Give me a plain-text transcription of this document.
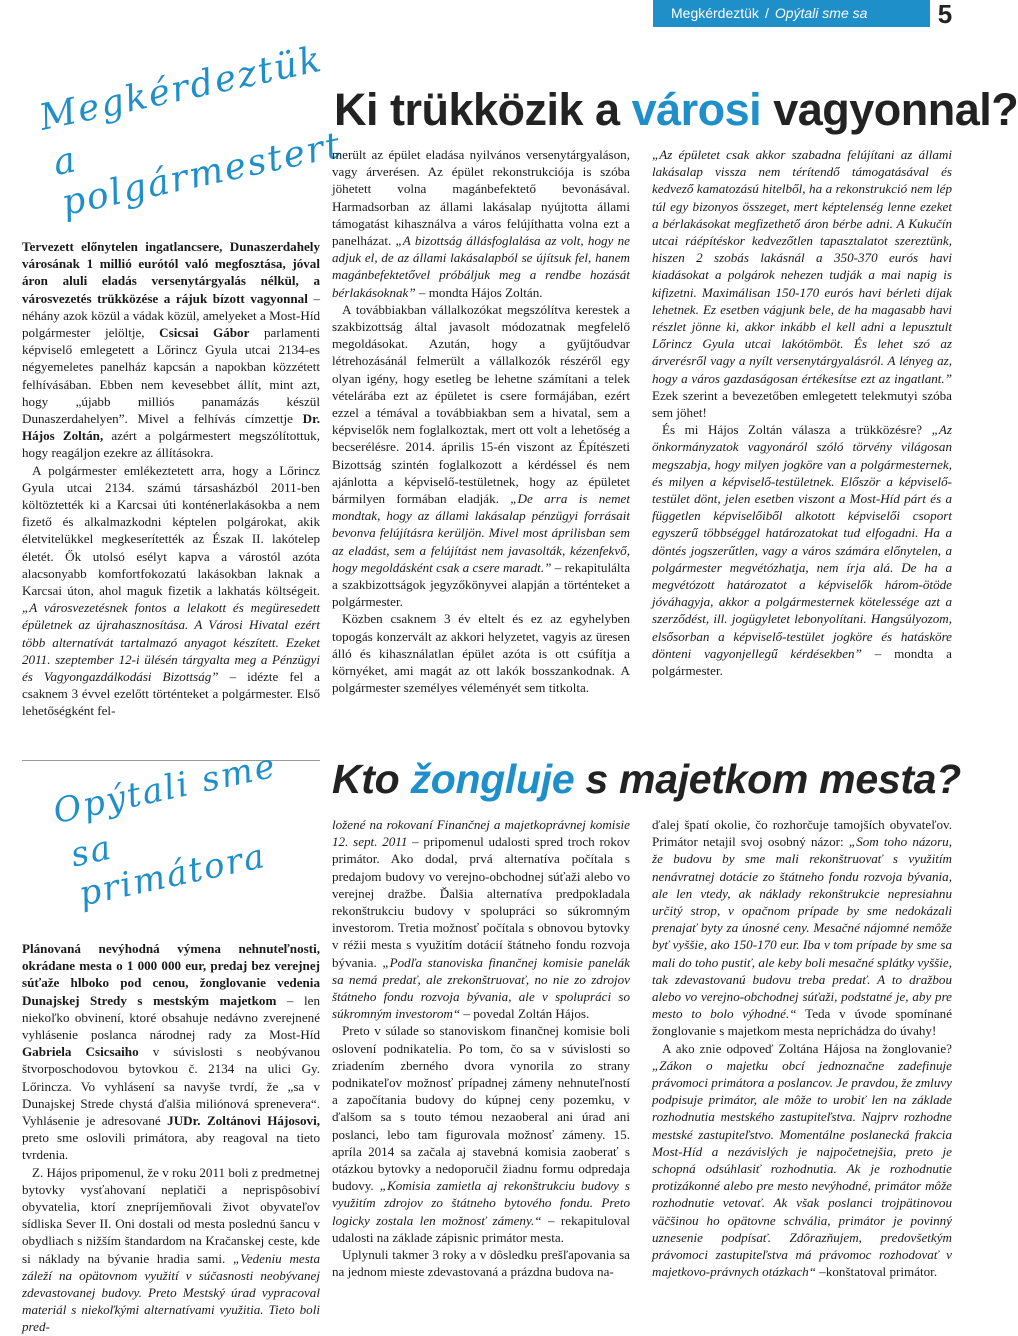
Megkérdeztük / Opýtali sme sa	5
Megkérdeztük
a polgármestert
Ki trükközik a városi vagyonnal?

Tervezett előnytelen ingatlancsere, Dunaszerdahely városának 1 millió eurótól való megfosztása, jóval áron aluli eladás versenytárgyalás nélkül, a városvezetés trükközése a rájuk bízott vagyonnal – néhány azok közül a vádak közül, amelyeket a Most-Híd polgármester jelöltje, Csicsai Gábor parlamenti képviselő emlegetett a Lőrincz Gyula utcai 2134-es négyemeletes panelház kapcsán a napokban közzétett felhívásában. Ebben nem kevesebbet állít, mint azt, hogy „újabb milliós panamázás készül Dunaszerdahelyen”. Mivel a felhívás címzettje Dr. Hájos Zoltán, azért a polgármestert megszólítottuk, hogy reagáljon ezekre az állításokra.

A polgármester emlékeztetett arra, hogy a Lőrincz Gyula utcai 2134. számú társasházból 2011-ben költöztették ki a Karcsai úti konténerlakásokba a nem fizető és alkalmazkodni képtelen polgárokat, akik életvitelükkel megkeserítették az Észak II. lakótelep életét. Ők utolsó esélyt kapva a várostól azóta alacsonyabb komfortfokozatú lakásokban laknak a Karcsai úton, ahol maguk fizetik a lakhatás költségeit. „A városvezetésnek fontos a lelakott és megüresedett épületnek az újrahasznosítása. A Városi Hivatal ezért több alternatívát tartalmazó anyagot készített. Ezeket 2011. szeptember 12-i ülésén tárgyalta meg a Pénzügyi és Vagyongazdálkodási Bizottság” – idézte fel a csaknem 3 évvel ezelőtt történteket a polgármester. Első lehetőségként fel-

merült az épület eladása nyilvános versenytárgyaláson, vagy árverésen. Az épület rekonstrukciója is szóba jöhetett volna magánbefektető bevonásával. Harmadsorban az állami lakásalap nyújtotta állami támogatást kihasználva a város felújíthatta volna ezt a panelházat. „A bizottság állásfoglalása az volt, hogy ne adjuk el, de az állami lakásalapból se újítsuk fel, hanem magánbefektetővel próbáljuk meg a rendbe hozását bérlakásoknak” – mondta Hájos Zoltán.

A továbbiakban vállalkozókat megszólítva kerestek a szakbizottság által javasolt módozatnak megfelelő megoldásokat. Azután, hogy a gyűjtőudvar létrehozásánál felmerült a vállalkozók részéről egy olyan igény, hogy esetleg be lehetne számítani a telek vételárába ezt az épületet is csere formájában, ezért ezzel a témával a továbbiakban sem a hivatal, sem a képviselők nem foglalkoztak, mert ott volt a lehetőség a becserélésre. 2014. április 15-én viszont az Építészeti Bizottság szintén foglalkozott a kérdéssel és nem ajánlotta a képviselő-testületnek, hogy az épületet bármilyen formában eladják. „De arra is nemet mondtak, hogy az állami lakásalap pénzügyi forrásait bevonva felújításra kerüljön. Mivel most áprilisban sem az eladást, sem a felújítást nem javasolták, kézenfekvő, hogy megoldásként csak a csere maradt.” – rekapitulálta a szakbizottságok jegyzőkönyvei alapján a történteket a polgármester.

Közben csaknem 3 év eltelt és ez az egyhelyben topogás konzervált az akkori helyzetet, vagyis az üresen álló és kihasználatlan épület azóta is ott csúfítja a környéket, ami magát az ott lakók bosszankodnak. A polgármester személyes véleményét sem titkolta.

„Az épületet csak akkor szabadna felújítani az állami lakásalap vissza nem térítendő támogatásával és kedvező kamatozású hitelből, ha a rekonstrukció nem lép túl egy bizonyos összeget, mert képtelenség lenne ezeket a bérlakásokat megfizethető áron bérbe adni. A Kukučín utcai ráépítéskor kedvezőtlen tapasztalatot szereztünk, hiszen 2 szobás lakásnál a 350-370 eurós havi kiadásokat a polgárok nehezen tudják a mai napig is kifizetni. Maximálisan 150-170 eurós havi bérleti díjak lehetnek. Ez esetben vágjunk bele, de ha magasabb havi részlet jönne ki, akkor inkább el kell adni a lepusztult Lőrincz Gyula utcai lakótömböt. És lehet szó az árverésről vagy a nyílt versenytárgyalásról. A lényeg az, hogy a város gazdaságosan értékesítse ezt az ingatlant.” Ezek szerint a bevezetőben emlegetett telekmutyi szóba sem jöhet!

És mi Hájos Zoltán válasza a trükközésre? „Az önkormányzatok vagyonáról szóló törvény világosan megszabja, hogy milyen jogköre van a polgármesternek, és milyen a képviselő-testületnek. Először a képviselő-testület dönt, jelen esetben viszont a Most-Híd párt és a független képviselőiből alkotott képviselői csoport egyszerű többséggel határozatokat tud elfogadni. Ha a döntés jogszerűtlen, vagy a város számára előnytelen, a polgármester megvétózhatja, nem írja alá. De ha a megvétózott határozatot a képviselők három-ötöde jóváhagyja, akkor a polgármesternek kötelessége azt a szerződést, ill. jogügyletet lebonyolítani. Hangsúlyozom, elsősorban a képviselő-testület jogköre és hatásköre dönteni vagyonjellegű kérdésekben” – mondta a polgármester.

Opýtali sme
sa primátora
Kto žongluje s majetkom mesta?

Plánovaná nevýhodná výmena nehnuteľnosti, okrádane mesta o 1 000 000 eur, predaj bez verejnej súťaže hlboko pod cenou, žonglovanie vedenia Dunajskej Stredy s mestským majetkom – len niekoľko obvinení, ktoré obsahuje nedávno zverejnené vyhlásenie poslanca národnej rady za Most-Híd Gabriela Csicsaiho v súvislosti s neobývanou štvorposchodovou bytovkou č. 2134 na ulici Gy. Lőrincza. Vo vyhlásení sa navyše tvrdí, že „sa v Dunajskej Strede chystá ďalšia miliónová sprenevera“. Vyhlásenie je adresované JUDr. Zoltánovi Hájosovi, preto sme oslovili primátora, aby reagoval na tieto tvrdenia.

Z. Hájos pripomenul, že v roku 2011 boli z predmetnej bytovky vysťahovaní neplatiči a neprispôsobiví obyvatelia, ktorí znepríjemňovali život obyvateľov sídliska Sever II. Oni dostali od mesta poslednú šancu v obydliach s nižším štandardom na Kračanskej ceste, kde si náklady na bývanie hradia sami. „Vedeniu mesta záleží na opätovnom využití v súčasnosti neobývanej zdevastovanej budovy. Preto Mestský úrad vypracoval materiál s niekoľkými alternatívami využitia. Tieto boli pred-

ložené na rokovaní Finančnej a majetkoprávnej komisie 12. sept. 2011 – pripomenul udalosti spred troch rokov primátor. Ako dodal, prvá alternatíva počítala s predajom budovy vo verejno-obchodnej súťaži alebo vo verejnej dražbe. Ďalšia alternatíva predpokladala rekonštrukciu budovy v spolupráci so súkromným investorom. Tretia možnosť počítala s obnovou bytovky v réžii mesta s využitím dotácií štátneho fondu rozvoja bývania. „Podľa stanoviska finančnej komisie panelák sa nemá predať, ale zrekonštruovať, no nie zo zdrojov štátneho fondu rozvoja bývania, ale v spolupráci so súkromným investorom“ – povedal Zoltán Hájos.

Preto v súlade so stanoviskom finančnej komisie boli oslovení podnikatelia. Po tom, čo sa v súvislosti so zriadením zberného dvora vynorila zo strany podnikateľov možnosť prípadnej zámeny nehnuteľností a započítania budovy do kúpnej ceny pozemku, v ďalšom sa s touto témou nezaoberal ani úrad ani poslanci, lebo tam figurovala možnosť zámeny. 15. apríla 2014 sa začala aj stavebná komisia zaoberať s otázkou bytovky a nedoporučil žiadnu formu odpredaja budovy. „Komisia zamietla aj rekonštrukciu budovy s využitím zdrojov zo štátneho bytového fondu. Preto logicky zostala len možnosť zámeny.“ – rekapituloval udalosti na základe zápisnic primátor mesta.

Uplynuli takmer 3 roky a v dôsledku prešľapovania sa na jednom mieste zdevastovaná a prázdna budova na-

ďalej špatí okolie, čo rozhorčuje tamojších obyvateľov. Primátor netajil svoj osobný názor: „Som toho názoru, že budovu by sme mali rekonštruovať s využitím nenávratnej dotácie zo štátneho fondu rozvoja bývania, ale len vtedy, ak náklady rekonštrukcie nepresiahnu určitý strop, v opačnom prípade by sme nedokázali prenajať byty za únosné ceny. Mesačné nájomné nemôže byť vyššie, ako 150-170 eur. Iba v tom prípade by sme sa mali do toho pustiť, ale keby boli mesačné splátky vyššie, tak zdevastovanú budovu treba predať. A to dražbou alebo vo verejno-obchodnej súťaži, podstatné je, aby pre mesto to bolo výhodné.“ Teda v úvode spomínané žonglovanie s majetkom mesta neprichádza do úvahy!

A ako znie odpoveď Zoltána Hájosa na žonglovanie? „Zákon o majetku obcí jednoznačne zadefinuje právomoci primátora a poslancov. Je pravdou, že zmluvy podpisuje primátor, ale môže to urobiť len na základe rozhodnutia mestského zastupiteľstva. Najprv rozhodne mestské zastupiteľstvo. Momentálne poslanecká frakcia Most-Híd a nezávislých je najpočetnejšia, preto je schopná odsúhlasiť rozhodnutia. Ak je rozhodnutie protizákonné alebo pre mesto nevýhodné, primátor môže rozhodnutie vetovať. Ak však poslanci trojpätinovou väčšinou ho opätovne schvália, primátor je povinný uznesenie podpísať. Zdôrazňujem, predovšetkým právomoci zastupiteľstva má právomoc rozhodovať v majetkovo-právnych otázkach“ –konštatoval primátor.
